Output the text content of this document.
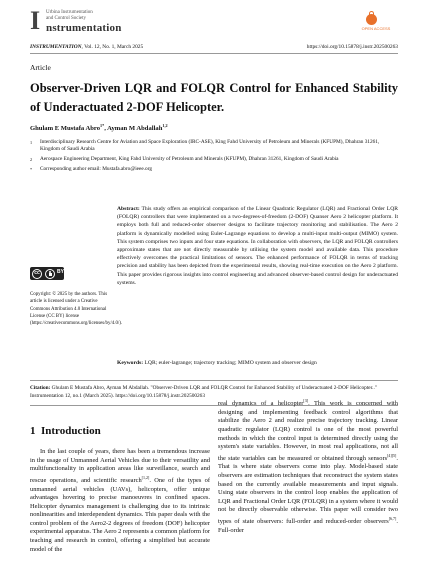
I Urbina Instrumentation
and Control Society
nstrumentation	OPEN ACCESS
INSTRUMENTATION, Vol. 12, No. 1, March 2025	https://doi.org/10.15878/j.instr.202500263
Article
Observer-Driven LQR and FOLQR Control for Enhanced Stability of Underactuated 2-DOF Helicopter.
Ghulam E Mustafa Abro$^{1*}$, Ayman M Abdallah$^{1,2}$
1 Interdisciplinary Research Centre for Aviation and Space Exploration (IRC-ASE), King Fahd University of Petroleum and Minerals (KFUPM), Dhahran 31261, Kingdom of Saudi Arabia
2 Aerospace Engineering Department, King Fahd University of Petroleum and Minerals (KFUPM), Dhahran 31261, Kingdom of Saudi Arabia
* Corresponding author email: Mustafa.abro@ieee.org
cc	BY
Copyright: © 2025 by the authors. This article is licensed under a Creative Commons Attribution 4.0 International License (CC BY) license (https://creativecommons.org/licenses/by/4.0/).
Abstract: This study offers an empirical comparison of the Linear Quadratic Regulator (LQR) and Fractional Order LQR (FOLQR) controllers that were implemented on a two-degrees-of-freedom (2-DOF) Quanser Aero 2 helicopter platform. It employs both full and reduced-order observer designs to facilitate trajectory monitoring and stabilisation. The Aero 2 platform is dynamically modelled using Euler-Lagrange equations to develop a multi-input multi-output (MIMO) system. This system comprises two inputs and four state equations. In collaboration with observers, the LQR and FOLQR controllers approximate states that are not directly measurable by utilising the system model and available data. This procedure effectively overcomes the practical limitations of sensors. The enhanced performance of FOLQR in terms of tracking precision and stability has been depicted from the experimental results, showing real-time execution on the Aero 2 platform. This paper provides rigorous insights into control engineering and advanced observer-based control design for underactuated systems.
Keywords: LQR; euler-lagrange; trajectory tracking; MIMO system and observer design
Citation: Ghulam E Mustafa Abro, Ayman M Abdallah. "Observer-Driven LQR and FOLQR Control for Enhanced Stability of Underactuated 2-DOF Helicopter.." Instrumentation 12, no.1 (March 2025). https://doi.org/10.15878/j.instr.202500263
1 Introduction
In the last couple of years, there has been a tremendous increase in the usage of Unmanned Aerial Vehicles due to their versatility and multifunctionality in application areas like surveillance, search and rescue operations, and scientific research[1,2]. One of the types of unmanned aerial vehicles (UAVs), helicopters, offer unique advantages hovering to precise manoeuvres in confined spaces. Helicopter dynamics management is challenging due to its intrinsic nonlinearities and interdependent dynamics. This paper deals with the control problem of the Aero2-2 degrees of freedom (DOF) helicopter experimental apparatus. The Aero 2 represents a common platform for teaching and research in control, offering a simplified but accurate model of the
real dynamics of a helicopter[3]. This work is concerned with designing and implementing feedback control algorithms that stabilize the Aero 2 and realize precise trajectory tracking. Linear quadratic regulator (LQR) control is one of the most powerful methods in which the control input is determined directly using the system's state variables. However, in most real applications, not all the state variables can be measured or obtained through sensors[4][5]. That is where state observers come into play. Model-based state observers are estimation techniques that reconstruct the system states based on the currently available measurements and input signals. Using state observers in the control loop enables the application of LQR and Fractional Order LQR (FOLQR) in a system where it would not be directly observable otherwise. This paper will consider two types of state observers: full-order and reduced-order observers[6,7]. Full-order
